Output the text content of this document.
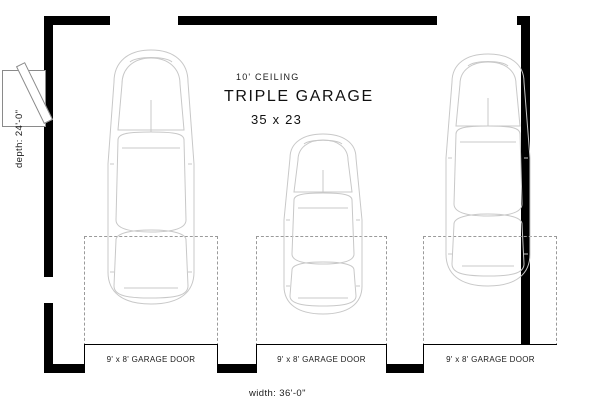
9' x 8' GARAGE DOOR	9' x 8' GARAGE DOOR	9' x 8' GARAGE DOOR
10' CEILING
TRIPLE GARAGE
35 x 23
width: 36'-0"
depth: 24'-0"
